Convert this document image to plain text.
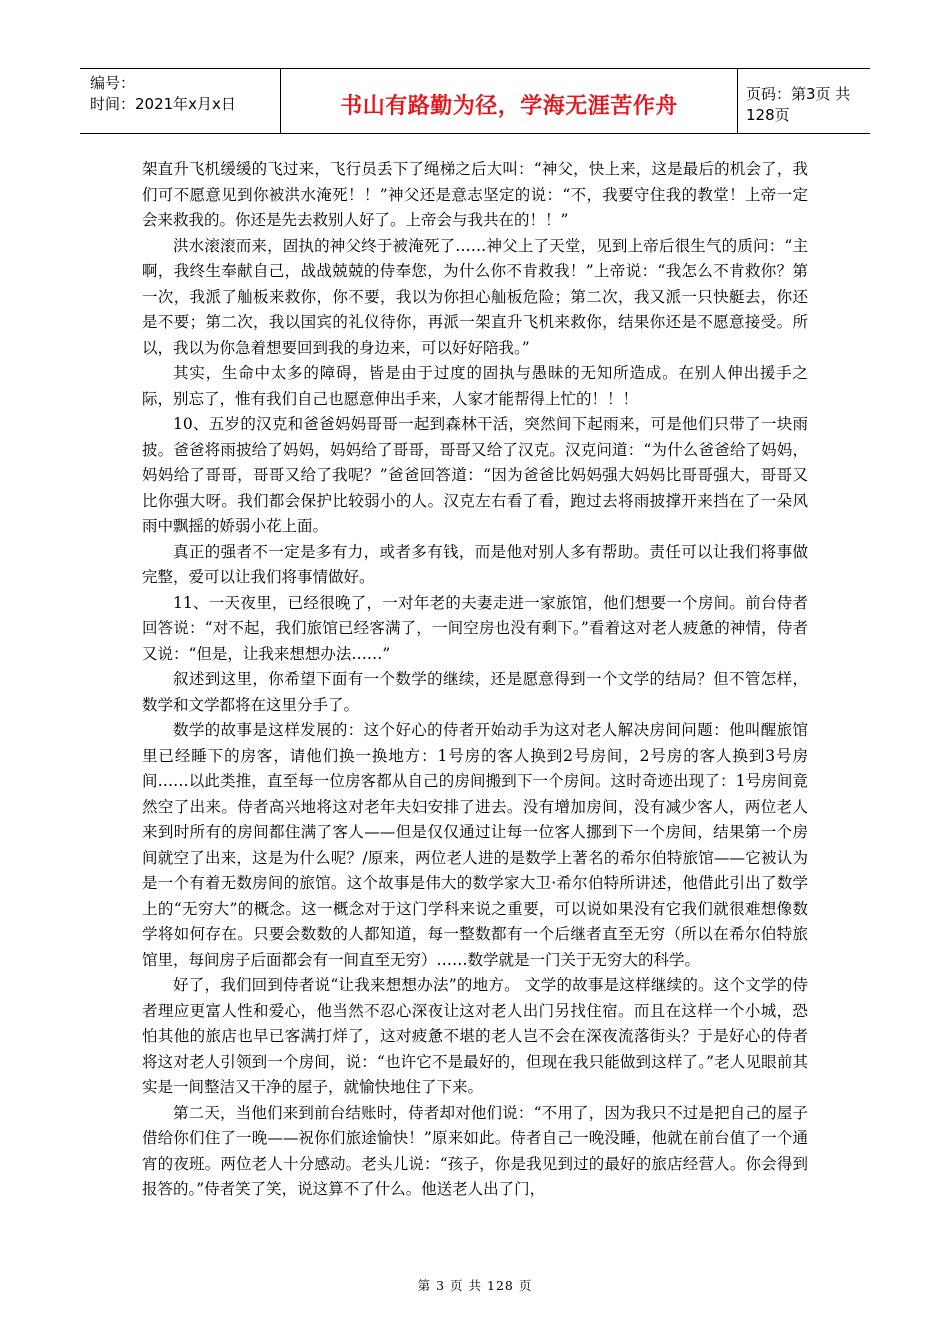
编号：
时间：2021年x月x日	书山有路勤为径，学海无涯苦作舟	页码：第3页 共128页

架直升飞机缓缓的飞过来，飞行员丢下了绳梯之后大叫：“神父，快上来，这是最后的机会了，我们可不愿意见到你被洪水淹死！！”神父还是意志坚定的说：“不，我要守住我的教堂！上帝一定会来救我的。你还是先去救别人好了。上帝会与我共在的！！”

洪水滚滚而来，固执的神父终于被淹死了……神父上了天堂，见到上帝后很生气的质问：“主啊，我终生奉献自己，战战兢兢的侍奉您，为什么你不肯救我！”上帝说：“我怎么不肯救你？第一次，我派了舢板来救你，你不要，我以为你担心舢板危险；第二次，我又派一只快艇去，你还是不要；第二次，我以国宾的礼仪待你，再派一架直升飞机来救你，结果你还是不愿意接受。所以，我以为你急着想要回到我的身边来，可以好好陪我。”

其实，生命中太多的障碍，皆是由于过度的固执与愚昧的无知所造成。在别人伸出援手之际，别忘了，惟有我们自己也愿意伸出手来，人家才能帮得上忙的！！！

10、五岁的汉克和爸爸妈妈哥哥一起到森林干活，突然间下起雨来，可是他们只带了一块雨披。爸爸将雨披给了妈妈，妈妈给了哥哥，哥哥又给了汉克。汉克问道：“为什么爸爸给了妈妈，妈妈给了哥哥，哥哥又给了我呢？”爸爸回答道：“因为爸爸比妈妈强大妈妈比哥哥强大，哥哥又比你强大呀。我们都会保护比较弱小的人。汉克左右看了看，跑过去将雨披撑开来挡在了一朵风雨中飘摇的娇弱小花上面。

真正的强者不一定是多有力，或者多有钱，而是他对别人多有帮助。责任可以让我们将事做完整，爱可以让我们将事情做好。

11、一天夜里，已经很晚了，一对年老的夫妻走进一家旅馆，他们想要一个房间。前台侍者回答说：“对不起，我们旅馆已经客满了，一间空房也没有剩下。”看着这对老人疲惫的神情，侍者又说：“但是，让我来想想办法……”

叙述到这里，你希望下面有一个数学的继续，还是愿意得到一个文学的结局？但不管怎样，数学和文学都将在这里分手了。

数学的故事是这样发展的：这个好心的侍者开始动手为这对老人解决房间问题：他叫醒旅馆里已经睡下的房客，请他们换一换地方：1号房的客人换到2号房间，2号房的客人换到3号房间……以此类推，直至每一位房客都从自己的房间搬到下一个房间。这时奇迹出现了：1号房间竟然空了出来。侍者高兴地将这对老年夫妇安排了进去。没有增加房间，没有减少客人，两位老人来到时所有的房间都住满了客人——但是仅仅通过让每一位客人挪到下一个房间，结果第一个房间就空了出来，这是为什么呢？/原来，两位老人进的是数学上著名的希尔伯特旅馆——它被认为是一个有着无数房间的旅馆。这个故事是伟大的数学家大卫·希尔伯特所讲述，他借此引出了数学上的“无穷大”的概念。这一概念对于这门学科来说之重要，可以说如果没有它我们就很难想像数学将如何存在。只要会数数的人都知道，每一整数都有一个后继者直至无穷（所以在希尔伯特旅馆里，每间房子后面都会有一间直至无穷）……数学就是一门关于无穷大的科学。

好了，我们回到侍者说“让我来想想办法”的地方。 文学的故事是这样继续的。这个文学的侍者理应更富人性和爱心，他当然不忍心深夜让这对老人出门另找住宿。而且在这样一个小城，恐怕其他的旅店也早已客满打烊了，这对疲惫不堪的老人岂不会在深夜流落街头？于是好心的侍者将这对老人引领到一个房间，说：“也许它不是最好的，但现在我只能做到这样了。”老人见眼前其实是一间整洁又干净的屋子，就愉快地住了下来。

第二天，当他们来到前台结账时，侍者却对他们说：“不用了，因为我只不过是把自己的屋子借给你们住了一晚——祝你们旅途愉快！”原来如此。侍者自己一晚没睡，他就在前台值了一个通宵的夜班。两位老人十分感动。老头儿说：“孩子，你是我见到过的最好的旅店经营人。你会得到报答的。”侍者笑了笑，说这算不了什么。他送老人出了门，

第 3 页 共 128 页
